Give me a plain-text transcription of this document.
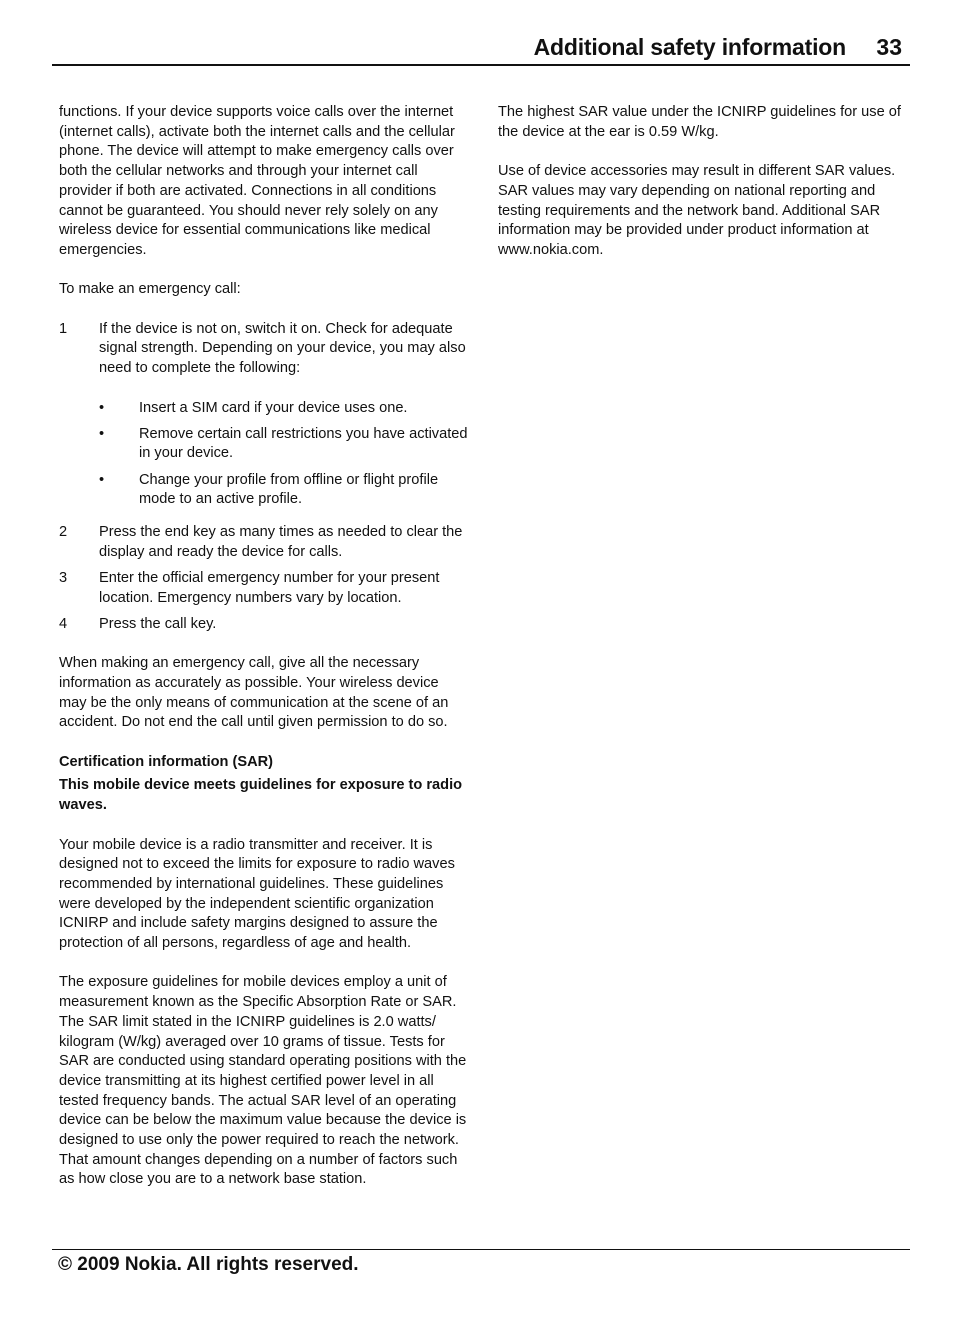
Additional safety information 33

functions. If your device supports voice calls over the internet (internet calls), activate both the internet calls and the cellular phone. The device will attempt to make emergency calls over both the cellular networks and through your internet call provider if both are activated. Connections in all conditions cannot be guaranteed. You should never rely solely on any wireless device for essential communications like medical emergencies.

To make an emergency call:

1	If the device is not on, switch it on. Check for adequate signal strength. Depending on your device, you may also need to complete the following:

•	Insert a SIM card if your device uses one.
•	Remove certain call restrictions you have activated in your device.
•	Change your profile from offline or flight profile mode to an active profile.
2	Press the end key as many times as needed to clear the display and ready the device for calls.
3	Enter the official emergency number for your present location. Emergency numbers vary by location.
4	Press the call key.

When making an emergency call, give all the necessary information as accurately as possible. Your wireless device may be the only means of communication at the scene of an accident. Do not end the call until given permission to do so.

Certification information (SAR)
This mobile device meets guidelines for exposure to radio waves.

Your mobile device is a radio transmitter and receiver. It is designed not to exceed the limits for exposure to radio waves recommended by international guidelines. These guidelines were developed by the independent scientific organization ICNIRP and include safety margins designed to assure the protection of all persons, regardless of age and health.

The exposure guidelines for mobile devices employ a unit of measurement known as the Specific Absorption Rate or SAR. The SAR limit stated in the ICNIRP guidelines is 2.0 watts/ kilogram (W/kg) averaged over 10 grams of tissue. Tests for SAR are conducted using standard operating positions with the device transmitting at its highest certified power level in all tested frequency bands. The actual SAR level of an operating device can be below the maximum value because the device is designed to use only the power required to reach the network. That amount changes depending on a number of factors such as how close you are to a network base station.

The highest SAR value under the ICNIRP guidelines for use of the device at the ear is 0.59 W/kg.

Use of device accessories may result in different SAR values. SAR values may vary depending on national reporting and testing requirements and the network band. Additional SAR information may be provided under product information at www.nokia.com.

© 2009 Nokia. All rights reserved.
